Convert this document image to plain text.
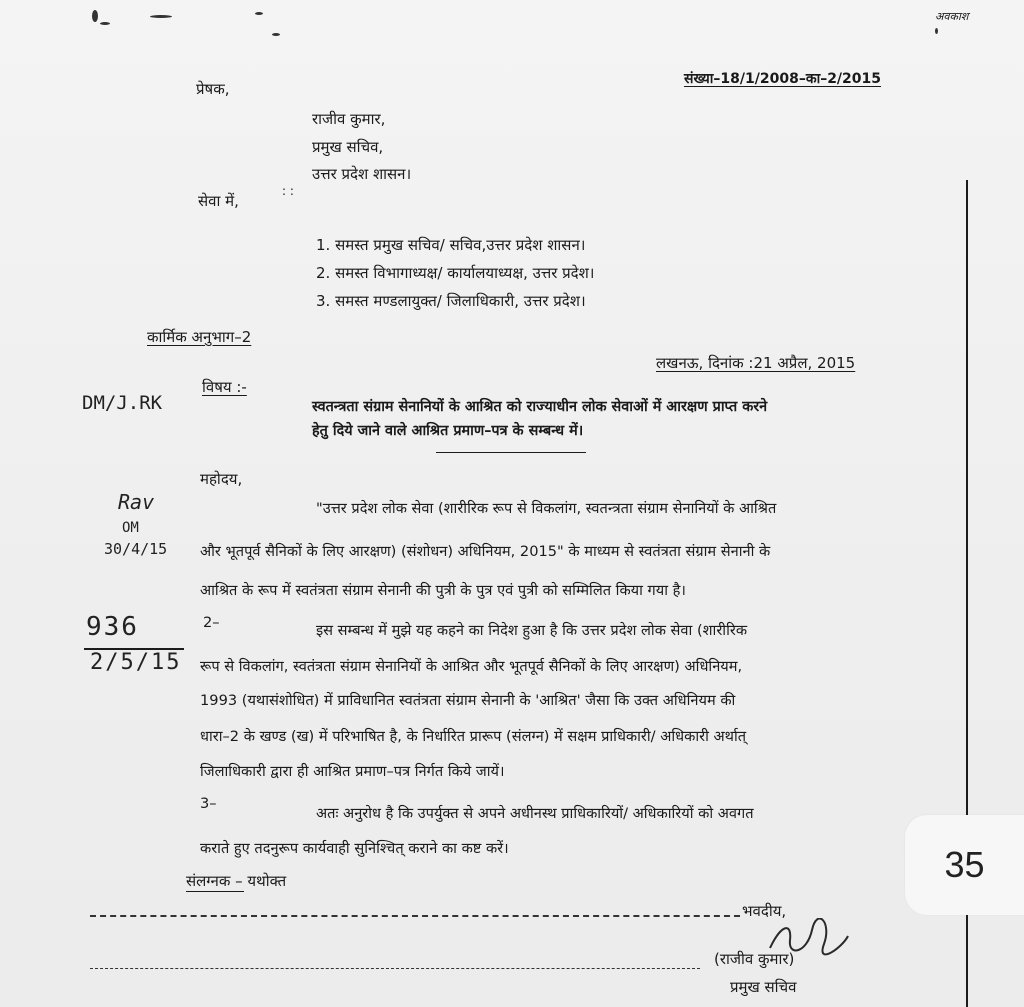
अवकाश
संख्या–18/1/2008–का–2/2015
प्रेषक,
राजीव कुमार,
प्रमुख सचिव,
उत्तर प्रदेश शासन।
सेवा में,
: :
1. समस्त प्रमुख सचिव/ सचिव,उत्तर प्रदेश शासन।
2. समस्त विभागाध्यक्ष/ कार्यालयाध्यक्ष, उत्तर प्रदेश।
3. समस्त मण्डलायुक्त/ जिलाधिकारी, उत्तर प्रदेश।
कार्मिक अनुभाग–2
लखनऊ, दिनांक :21 अप्रैल, 2015
DM/J.RK
विषय :-
स्वतन्त्रता संग्राम सेनानियों के आश्रित को राज्याधीन लोक सेवाओं में आरक्षण प्राप्त करने
हेतु दिये जाने वाले आश्रित प्रमाण–पत्र के सम्बन्ध में।
महोदय,
Rav
OM
30/4/15
"उत्तर प्रदेश लोक सेवा (शारीरिक रूप से विकलांग, स्वतन्त्रता संग्राम सेनानियों के आश्रित
और भूतपूर्व सैनिकों के लिए आरक्षण) (संशोधन) अधिनियम, 2015" के माध्यम से स्वतंत्रता संग्राम सेनानी के
आश्रित के रूप में स्वतंत्रता संग्राम सेनानी की पुत्री के पुत्र एवं पुत्री को सम्मिलित किया गया है।
936
2/5/15
2–	इस सम्बन्ध में मुझे यह कहने का निदेश हुआ है कि उत्तर प्रदेश लोक सेवा (शारीरिक
रूप से विकलांग, स्वतंत्रता संग्राम सेनानियों के आश्रित और भूतपूर्व सैनिकों के लिए आरक्षण) अधिनियम,
1993 (यथासंशोधित) में प्राविधानित स्वतंत्रता संग्राम सेनानी के 'आश्रित' जैसा कि उक्त अधिनियम की
धारा–2 के खण्ड (ख) में परिभाषित है, के निर्धारित प्रारूप (संलग्न) में सक्षम प्राधिकारी/ अधिकारी अर्थात्
जिलाधिकारी द्वारा ही आश्रित प्रमाण–पत्र निर्गत किये जायें।
3–
अतः अनुरोध है कि उपर्युक्त से अपने अधीनस्थ प्राधिकारियों/ अधिकारियों को अवगत
कराते हुए तदनुरूप कार्यवाही सुनिश्चित् कराने का कष्ट करें।
संलग्नक – यथोक्त
भवदीय,
(राजीव कुमार)
प्रमुख सचिव
35
